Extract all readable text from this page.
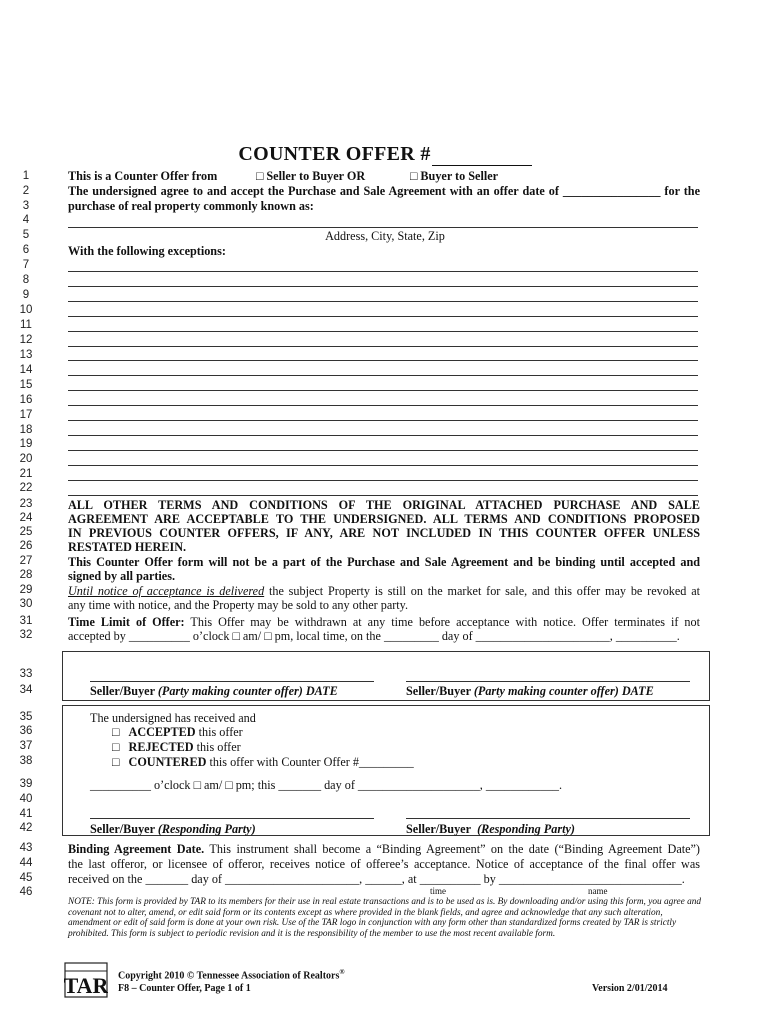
COUNTER OFFER #
1
2
3
4
5
6
7
8
9
10
11
12
13
14
15
16
17
18
19
20
21
22
23
24
25
26
27
28
29
30
31
32
33
34
35
36
37
38
39
40
41
42
43
44
45
46
This is a Counter Offer from	□ Seller to Buyer OR	□ Buyer to Seller
The undersigned agree to and accept the Purchase and Sale Agreement with an offer date of ________________ for the
purchase of real property commonly known as:
Address, City, State, Zip
With the following exceptions:
ALL OTHER TERMS AND CONDITIONS OF THE ORIGINAL ATTACHED PURCHASE AND SALE
AGREEMENT ARE ACCEPTABLE TO THE UNDERSIGNED. ALL TERMS AND CONDITIONS PROPOSED
IN PREVIOUS COUNTER OFFERS, IF ANY, ARE NOT INCLUDED IN THIS COUNTER OFFER UNLESS
RESTATED HEREIN.
This Counter Offer form will not be a part of the Purchase and Sale Agreement and be binding until accepted and
signed by all parties.
Until notice of acceptance is delivered the subject Property is still on the market for sale, and this offer may be revoked at
any time with notice, and the Property may be sold to any other party.
Time Limit of Offer: This Offer may be withdrawn at any time before acceptance with notice. Offer terminates if not
accepted by __________ o’clock □ am/ □ pm, local time, on the _________ day of ______________________, __________.
Seller/Buyer (Party making counter offer) DATE	Seller/Buyer (Party making counter offer) DATE
The undersigned has received and
□ ACCEPTED this offer
□ REJECTED this offer
□ COUNTERED this offer with Counter Offer #_________
__________ o’clock □ am/ □ pm; this _______ day of ____________________, ____________.
Seller/Buyer (Responding Party)	Seller/Buyer (Responding Party)
Binding Agreement Date. This instrument shall become a “Binding Agreement” on the date (“Binding Agreement Date”)
the last offeror, or licensee of offeror, receives notice of offeree’s acceptance. Notice of acceptance of the final offer was
received on the _______ day of ______________________, ______, at __________ by ______________________________.
time	name
NOTE: This form is provided by TAR to its members for their use in real estate transactions and is to be used as is. By downloading and/or using this form, you agree and covenant not to alter, amend, or edit said form or its contents except as where provided in the blank fields, and agree and acknowledge that any such alteration, amendment or edit of said form is done at your own risk. Use of the TAR logo in conjunction with any form other than standardized forms created by TAR is strictly prohibited. This form is subject to periodic revision and it is the responsibility of the member to use the most recent available form.
TAR Copyright 2010 © Tennessee Association of Realtors®
F8 – Counter Offer, Page 1 of 1	Version 2/01/2014
